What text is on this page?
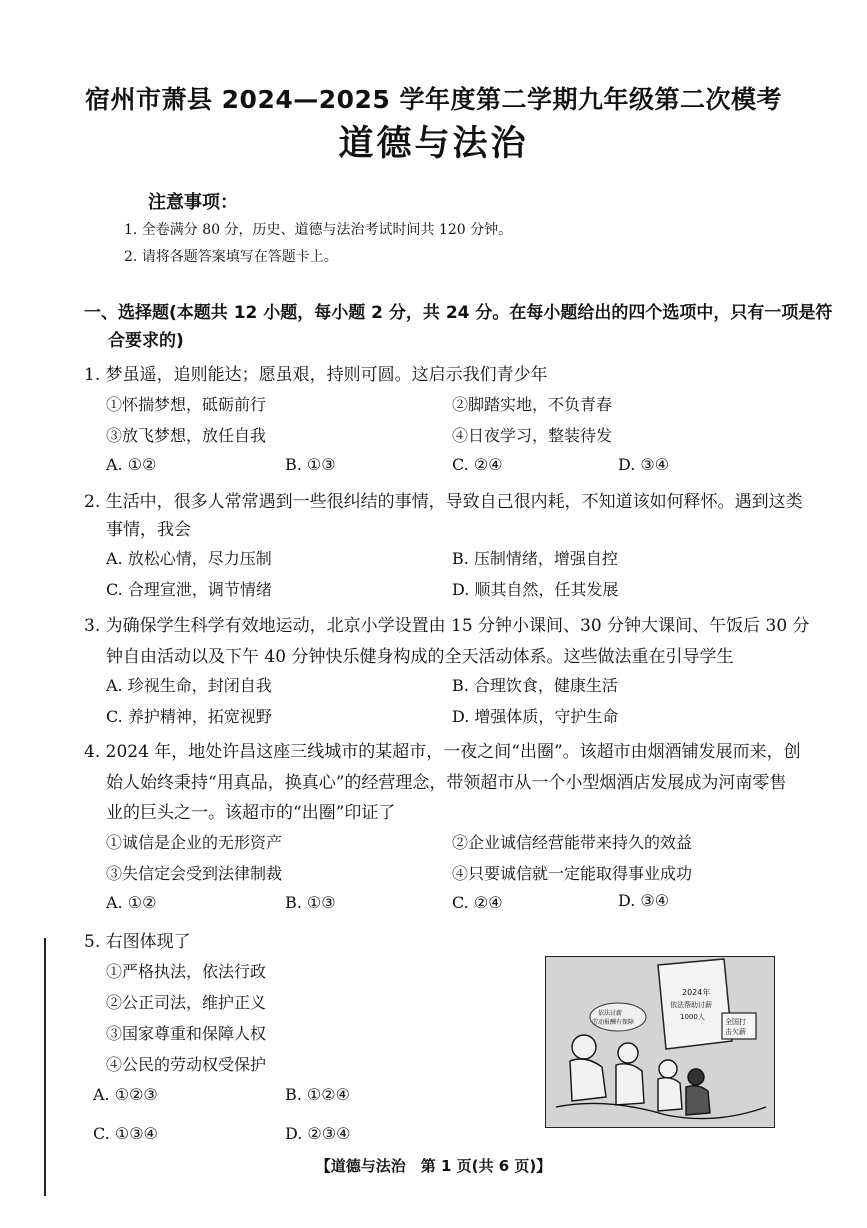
宿州市萧县 2024—2025 学年度第二学期九年级第二次模考
道德与法治
注意事项：
1. 全卷满分 80 分，历史、道德与法治考试时间共 120 分钟。
2. 请将各题答案填写在答题卡上。
一、选择题(本题共 12 小题，每小题 2 分，共 24 分。在每小题给出的四个选项中，只有一项是符
合要求的)
1. 梦虽遥，追则能达；愿虽艰，持则可圆。这启示我们青少年
①怀揣梦想，砥砺前行	②脚踏实地，不负青春
③放飞梦想，放任自我	④日夜学习，整装待发
A. ①②	B. ①③	C. ②④	D. ③④
2. 生活中，很多人常常遇到一些很纠结的事情，导致自己很内耗，不知道该如何释怀。遇到这类
事情，我会
A. 放松心情，尽力压制	B. 压制情绪，增强自控
C. 合理宣泄，调节情绪	D. 顺其自然，任其发展
3. 为确保学生科学有效地运动，北京小学设置由 15 分钟小课间、30 分钟大课间、午饭后 30 分
钟自由活动以及下午 40 分钟快乐健身构成的全天活动体系。这些做法重在引导学生
A. 珍视生命，封闭自我	B. 合理饮食，健康生活
C. 养护精神，拓宽视野	D. 增强体质，守护生命
4. 2024 年，地处许昌这座三线城市的某超市，一夜之间“出圈”。该超市由烟酒铺发展而来，创
始人始终秉持“用真品，换真心”的经营理念，带领超市从一个小型烟酒店发展成为河南零售
业的巨头之一。该超市的“出圈”印证了
①诚信是企业的无形资产	②企业诚信经营能带来持久的效益
③失信定会受到法律制裁	④只要诚信就一定能取得事业成功
A. ①②	B. ①③	C. ②④	D. ③④
5. 右图体现了
①严格执法，依法行政
②公正司法，维护正义
③国家尊重和保障人权
④公民的劳动权受保护
A. ①②③	B. ①②④
C. ①③④	D. ②③④
2024年
依法帮助讨薪
1000人
全国打
击欠薪
依法讨薪
劳动报酬有保障
【道德与法治　第 1 页(共 6 页)】
